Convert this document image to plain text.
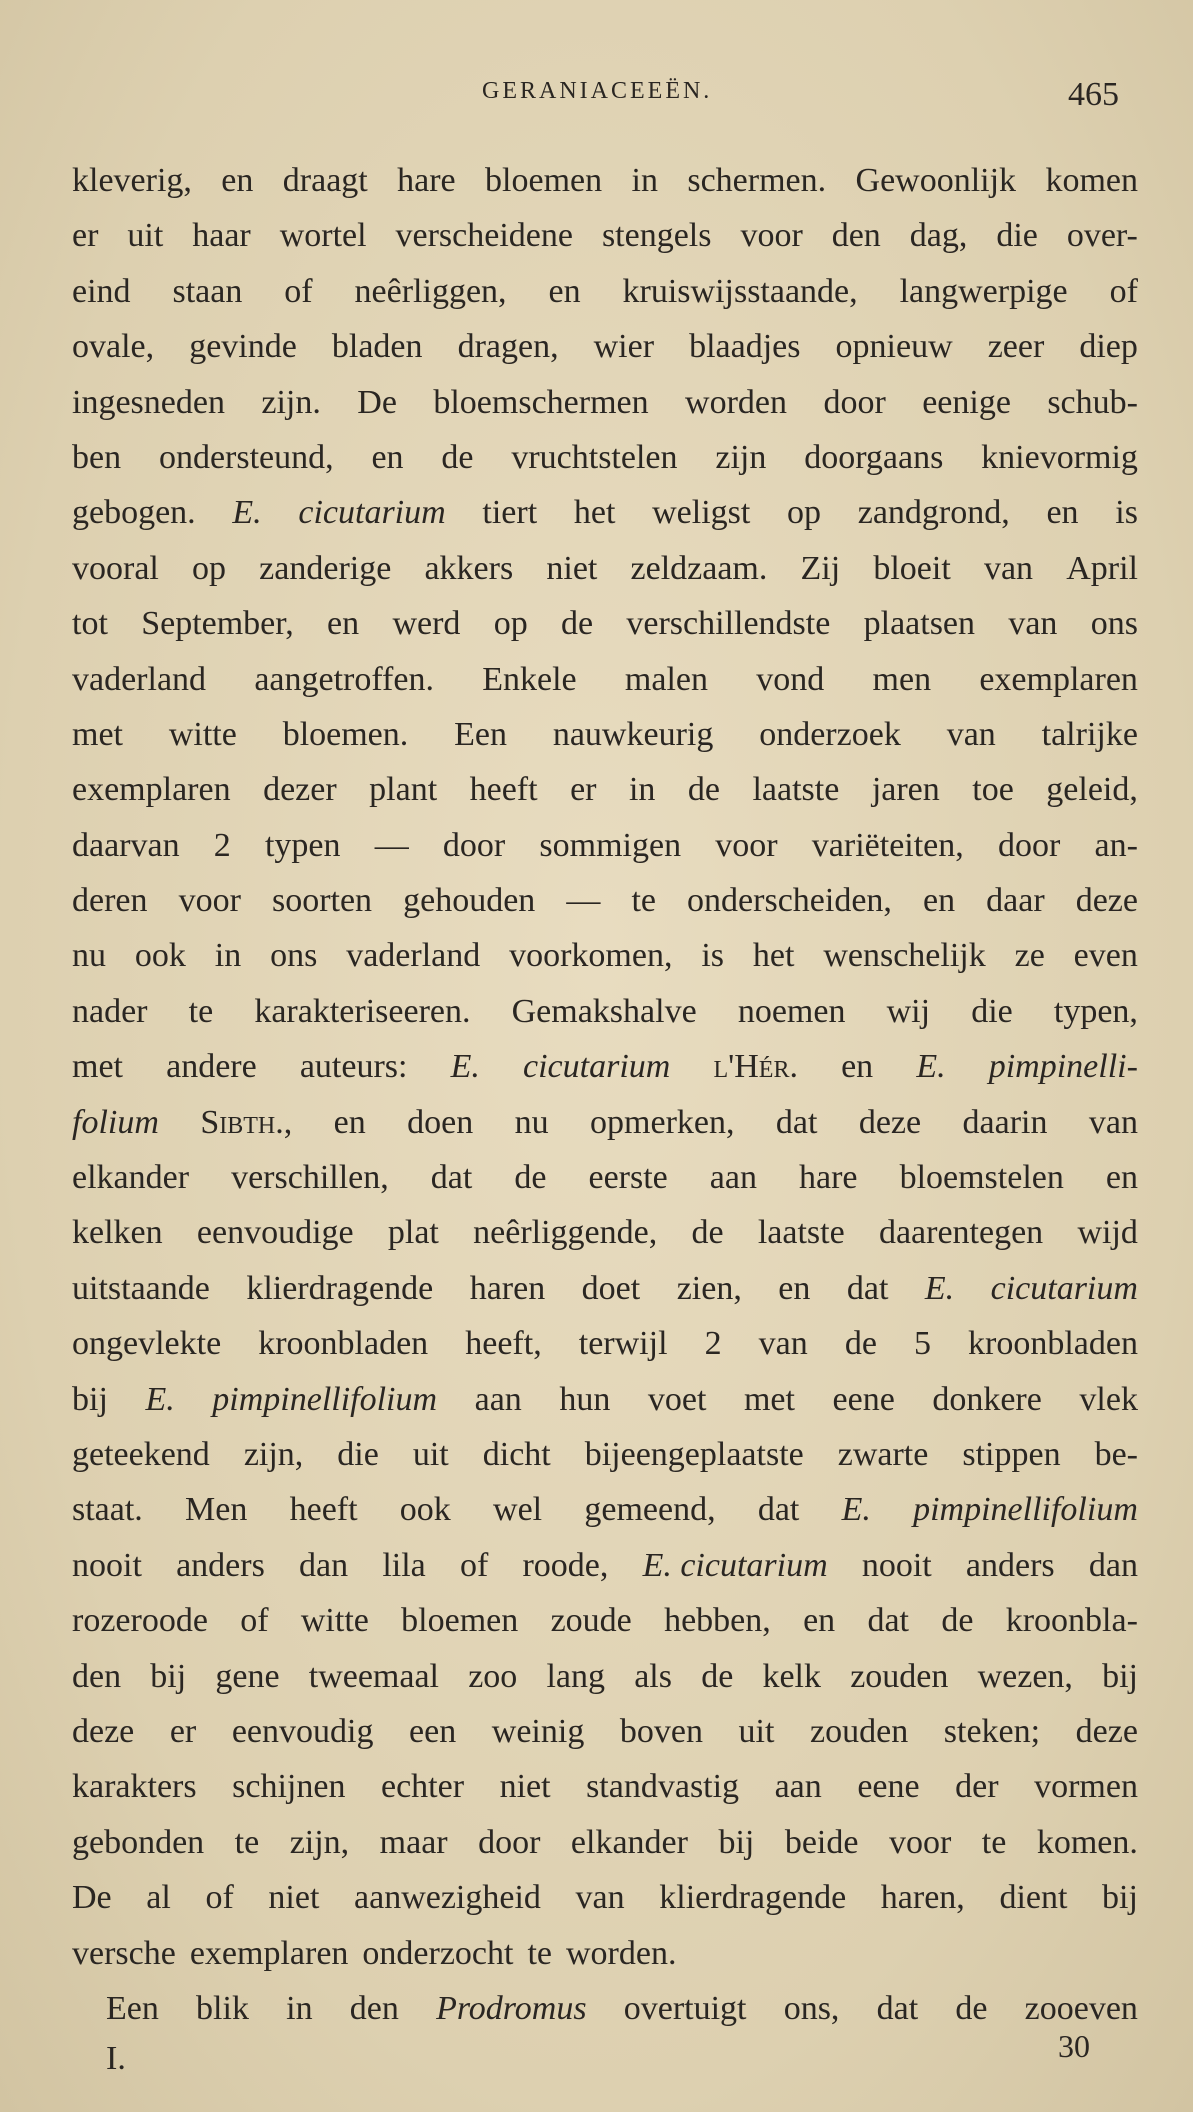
GERANIACEEËN.	465
kleverig, en draagt hare bloemen in schermen. Gewoonlijk komen
er uit haar wortel verscheidene stengels voor den dag, die over-
eind staan of neêrliggen, en kruiswijsstaande, langwerpige of
ovale, gevinde bladen dragen, wier blaadjes opnieuw zeer diep
ingesneden zijn. De bloemschermen worden door eenige schub-
ben ondersteund, en de vruchtstelen zijn doorgaans knievormig
gebogen. E. cicutarium tiert het weligst op zandgrond, en is
vooral op zanderige akkers niet zeldzaam. Zij bloeit van April
tot September, en werd op de verschillendste plaatsen van ons
vaderland aangetroffen. Enkele malen vond men exemplaren
met witte bloemen. Een nauwkeurig onderzoek van talrijke
exemplaren dezer plant heeft er in de laatste jaren toe geleid,
daarvan 2 typen — door sommigen voor variëteiten, door an-
deren voor soorten gehouden — te onderscheiden, en daar deze
nu ook in ons vaderland voorkomen, is het wenschelijk ze even
nader te karakteriseeren. Gemakshalve noemen wij die typen,
met andere auteurs: E. cicutarium l'Hér. en E. pimpinelli-
folium Sibth., en doen nu opmerken, dat deze daarin van
elkander verschillen, dat de eerste aan hare bloemstelen en
kelken eenvoudige plat neêrliggende, de laatste daarentegen wijd
uitstaande klierdragende haren doet zien, en dat E. cicutarium
ongevlekte kroonbladen heeft, terwijl 2 van de 5 kroonbladen
bij E. pimpinellifolium aan hun voet met eene donkere vlek
geteekend zijn, die uit dicht bijeengeplaatste zwarte stippen be-
staat. Men heeft ook wel gemeend, dat E. pimpinellifolium
nooit anders dan lila of roode, E. cicutarium nooit anders dan
rozeroode of witte bloemen zoude hebben, en dat de kroonbla-
den bij gene tweemaal zoo lang als de kelk zouden wezen, bij
deze er eenvoudig een weinig boven uit zouden steken; deze
karakters schijnen echter niet standvastig aan eene der vormen
gebonden te zijn, maar door elkander bij beide voor te komen.
De al of niet aanwezigheid van klierdragende haren, dient bij
versche exemplaren onderzocht te worden.
Een blik in den Prodromus overtuigt ons, dat de zooeven
I.	30
